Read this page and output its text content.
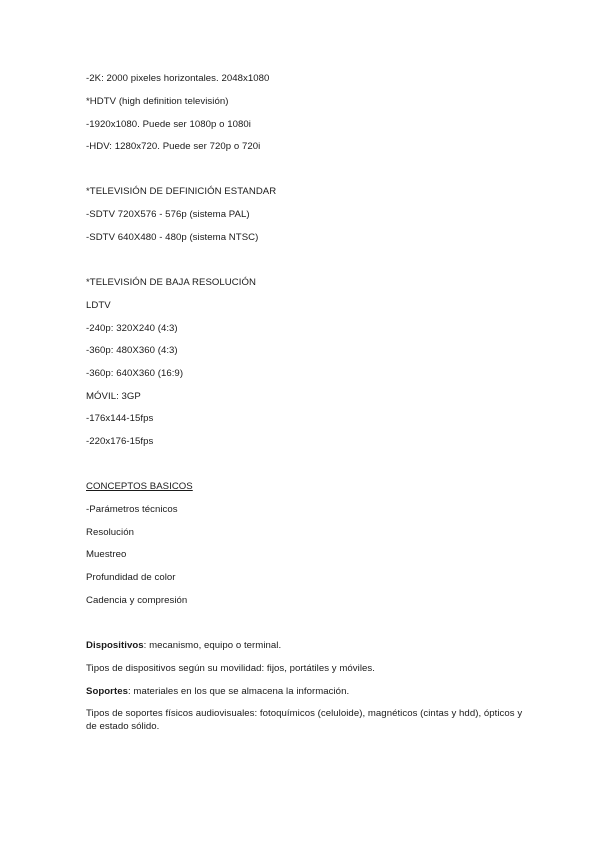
-2K: 2000 pixeles horizontales. 2048x1080
*HDTV (high definition televisión)
-1920x1080. Puede ser 1080p o 1080i
-HDV: 1280x720. Puede ser 720p o 720i
*TELEVISIÓN DE DEFINICIÓN ESTANDAR
-SDTV 720X576 - 576p (sistema PAL)
-SDTV 640X480 - 480p (sistema NTSC)
*TELEVISIÓN DE BAJA RESOLUCIÓN
LDTV
-240p: 320X240 (4:3)
-360p: 480X360 (4:3)
-360p: 640X360 (16:9)
MÓVIL: 3GP
-176x144-15fps
-220x176-15fps
CONCEPTOS BASICOS
-Parámetros técnicos
Resolución
Muestreo
Profundidad de color
Cadencia y compresión
Dispositivos: mecanismo, equipo o terminal.
Tipos de dispositivos según su movilidad: fijos, portátiles y móviles.
Soportes: materiales en los que se almacena la información.
Tipos de soportes físicos audiovisuales: fotoquímicos (celuloide), magnéticos (cintas y hdd), ópticos y de estado sólido.
